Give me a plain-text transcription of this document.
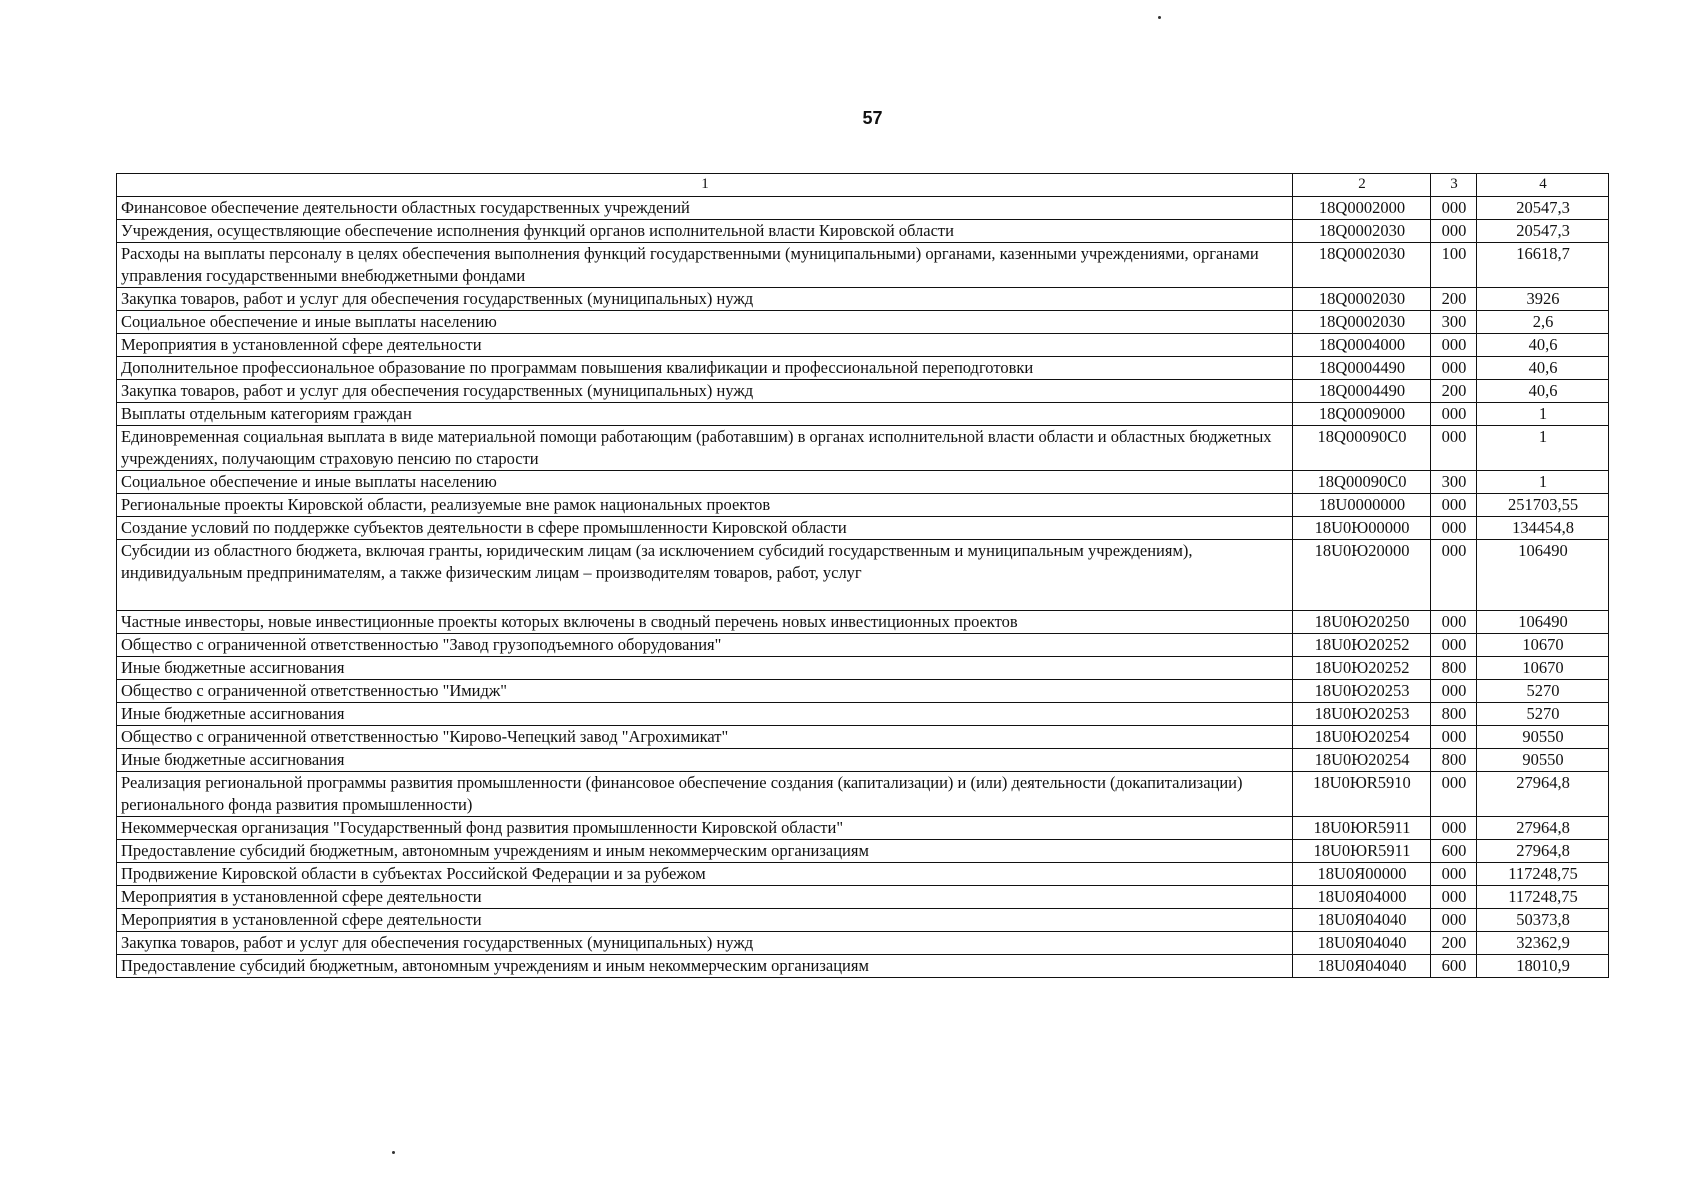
57
1	2	3	4
Финансовое обеспечение деятельности областных государственных учреждений	18Q0002000	000	20547,3
Учреждения, осуществляющие обеспечение исполнения функций органов исполнительной власти Кировской области	18Q0002030	000	20547,3
Расходы на выплаты персоналу в целях обеспечения выполнения функций государственными (муниципальными) органами, казенными учреждениями, органами управления государственными внебюджетными фондами	18Q0002030	100	16618,7
Закупка товаров, работ и услуг для обеспечения государственных (муниципальных) нужд	18Q0002030	200	3926
Социальное обеспечение и иные выплаты населению	18Q0002030	300	2,6
Мероприятия в установленной сфере деятельности	18Q0004000	000	40,6
Дополнительное профессиональное образование по программам повышения квалификации и профессиональной переподготовки	18Q0004490	000	40,6
Закупка товаров, работ и услуг для обеспечения государственных (муниципальных) нужд	18Q0004490	200	40,6
Выплаты отдельным категориям граждан	18Q0009000	000	1
Единовременная социальная выплата в виде материальной помощи работающим (работавшим) в органах исполнительной власти области и областных бюджетных учреждениях, получающим страховую пенсию по старости	18Q00090C0	000	1
Социальное обеспечение и иные выплаты населению	18Q00090C0	300	1
Региональные проекты Кировской области, реализуемые вне рамок национальных проектов	18U0000000	000	251703,55
Создание условий по поддержке субъектов деятельности в сфере промышленности Кировской области	18U0Ю00000	000	134454,8
Субсидии из областного бюджета, включая гранты, юридическим лицам (за исключением субсидий государственным и муниципальным учреждениям), индивидуальным предпринимателям, а также физическим лицам – производителям товаров, работ, услуг	18U0Ю20000	000	106490
Частные инвесторы, новые инвестиционные проекты которых включены в сводный перечень новых инвестиционных проектов	18U0Ю20250	000	106490
Общество с ограниченной ответственностью "Завод грузоподъемного оборудования"	18U0Ю20252	000	10670
Иные бюджетные ассигнования	18U0Ю20252	800	10670
Общество с ограниченной ответственностью "Имидж"	18U0Ю20253	000	5270
Иные бюджетные ассигнования	18U0Ю20253	800	5270
Общество с ограниченной ответственностью "Кирово-Чепецкий завод "Агрохимикат"	18U0Ю20254	000	90550
Иные бюджетные ассигнования	18U0Ю20254	800	90550
Реализация региональной программы развития промышленности (финансовое обеспечение создания (капитализации) и (или) деятельности (докапитализации) регионального фонда развития промышленности)	18U0ЮR5910	000	27964,8
Некоммерческая организация "Государственный фонд развития промышленности Кировской области"	18U0ЮR5911	000	27964,8
Предоставление субсидий бюджетным, автономным учреждениям и иным некоммерческим организациям	18U0ЮR5911	600	27964,8
Продвижение Кировской области в субъектах Российской Федерации и за рубежом	18U0Я00000	000	117248,75
Мероприятия в установленной сфере деятельности	18U0Я04000	000	117248,75
Мероприятия в установленной сфере деятельности	18U0Я04040	000	50373,8
Закупка товаров, работ и услуг для обеспечения государственных (муниципальных) нужд	18U0Я04040	200	32362,9
Предоставление субсидий бюджетным, автономным учреждениям и иным некоммерческим организациям	18U0Я04040	600	18010,9
